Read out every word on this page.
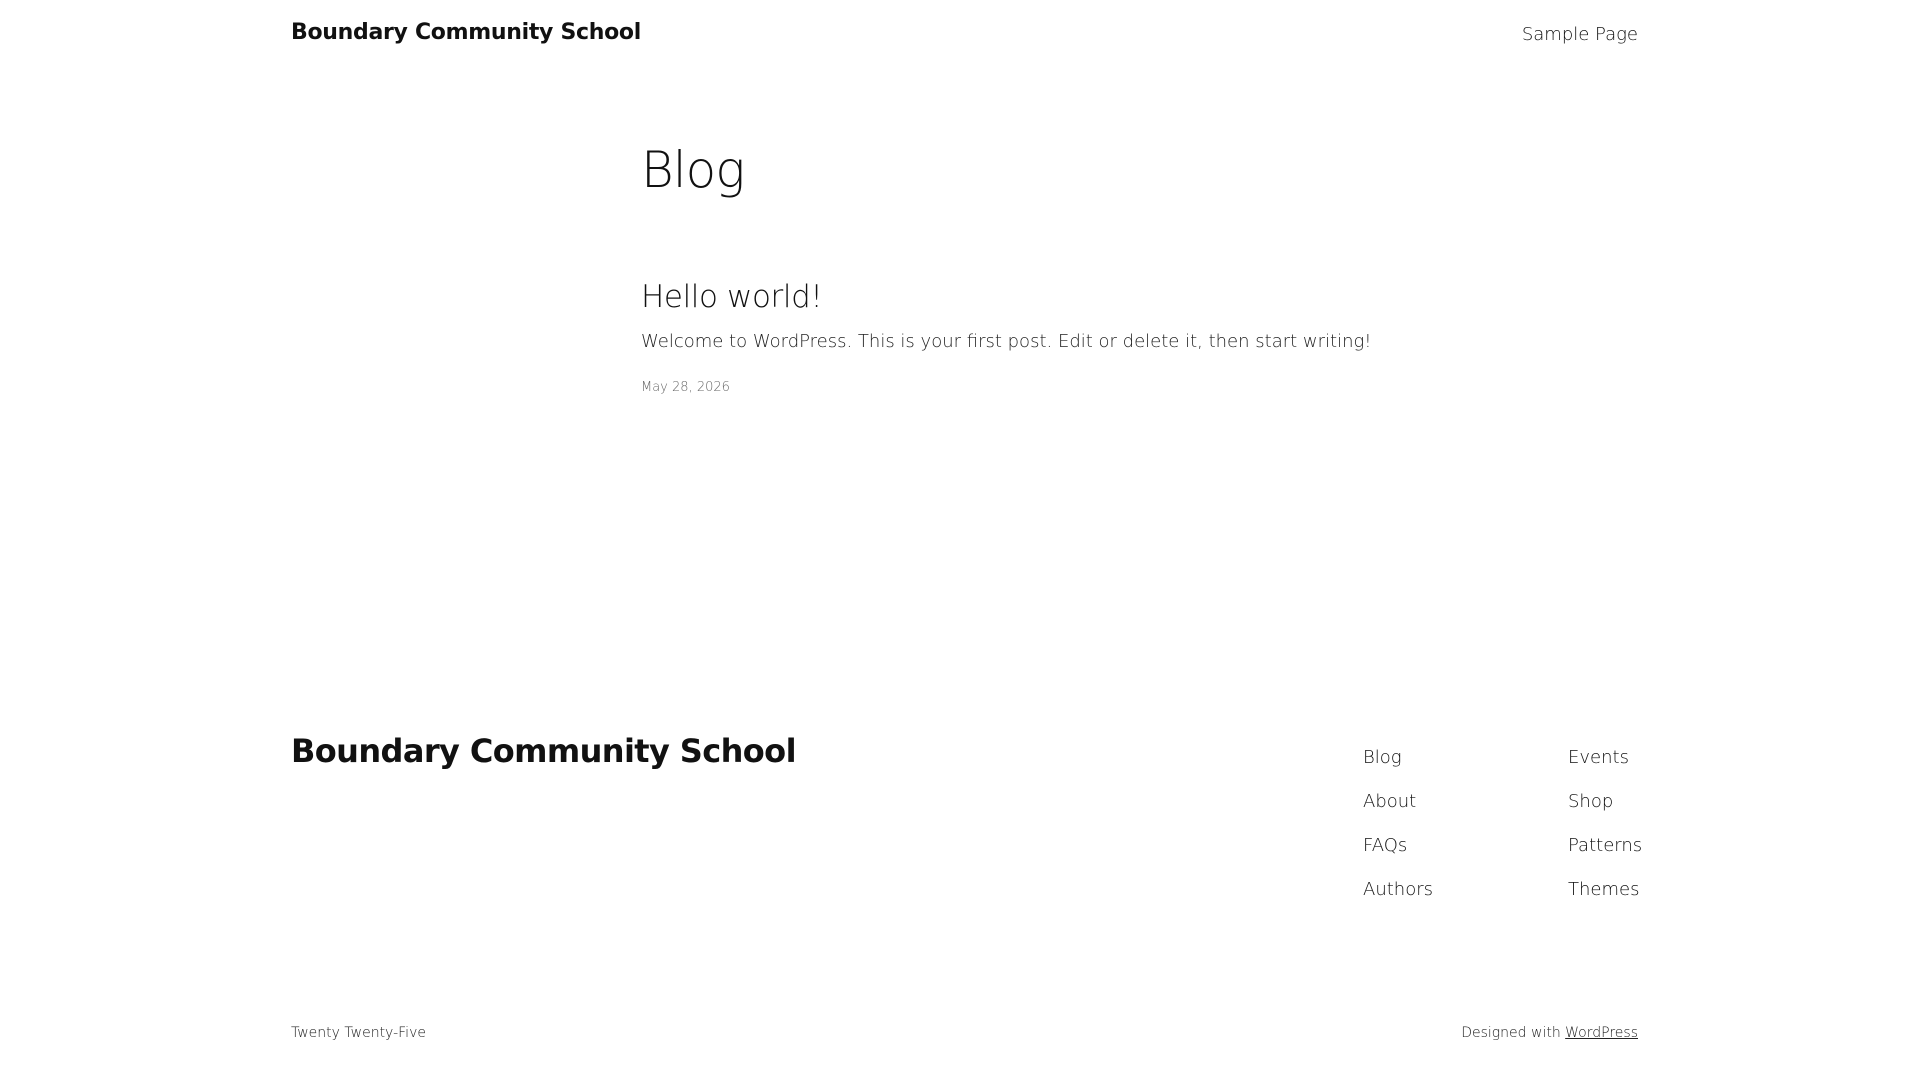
Boundary Community School	Sample Page
Blog
Hello world!

Welcome to WordPress. This is your first post. Edit or delete it, then start writing!

May 28, 2026
Boundary Community School	Blog
About
FAQs
Authors
Events
Shop
Patterns
Themes
Twenty Twenty-Five	Designed with WordPress
